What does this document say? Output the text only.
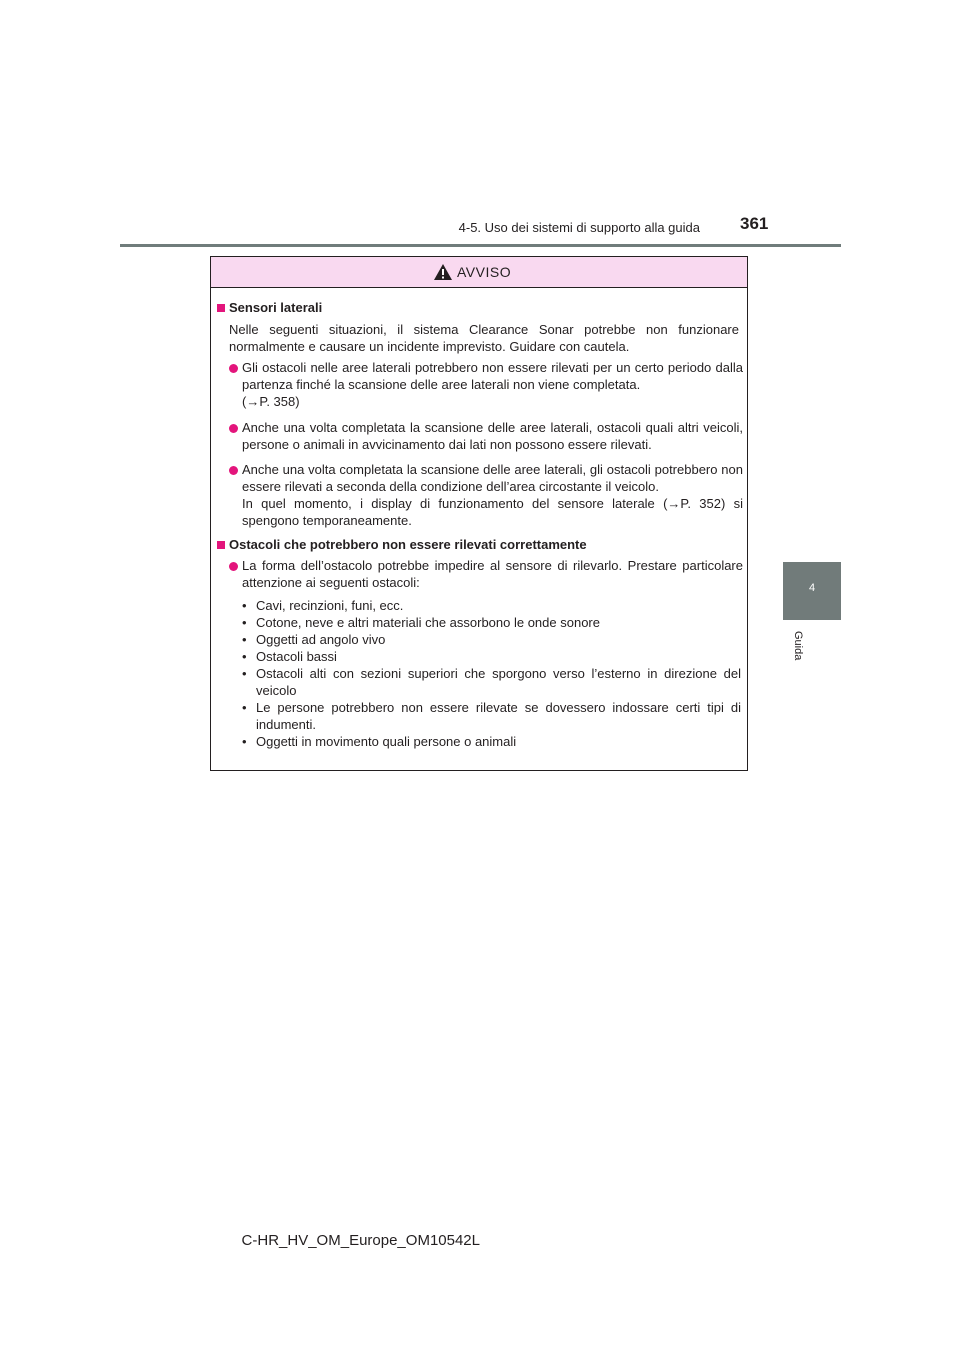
4-5. Uso dei sistemi di supporto alla guida 361
4
Guida
AVVISO
Sensori laterali
Nelle seguenti situazioni, il sistema Clearance Sonar potrebbe non funzionare normalmente e causare un incidente imprevisto. Guidare con cautela.
Gli ostacoli nelle aree laterali potrebbero non essere rilevati per un certo periodo dalla partenza finché la scansione delle aree laterali non viene completata.
(→P. 358)
Anche una volta completata la scansione delle aree laterali, ostacoli quali altri veicoli, persone o animali in avvicinamento dai lati non possono essere rilevati.
Anche una volta completata la scansione delle aree laterali, gli ostacoli potrebbero non essere rilevati a seconda della condizione dell’area circostante il veicolo.
In quel momento, i display di funzionamento del sensore laterale (→P. 352) si spengono temporaneamente.
Ostacoli che potrebbero non essere rilevati correttamente
La forma dell’ostacolo potrebbe impedire al sensore di rilevarlo. Prestare particolare attenzione ai seguenti ostacoli:
• Cavi, recinzioni, funi, ecc.
• Cotone, neve e altri materiali che assorbono le onde sonore
• Oggetti ad angolo vivo
• Ostacoli bassi
• Ostacoli alti con sezioni superiori che sporgono verso l’esterno in direzione del veicolo
• Le persone potrebbero non essere rilevate se dovessero indossare certi tipi di indumenti.
• Oggetti in movimento quali persone o animali
C-HR_HV_OM_Europe_OM10542L
